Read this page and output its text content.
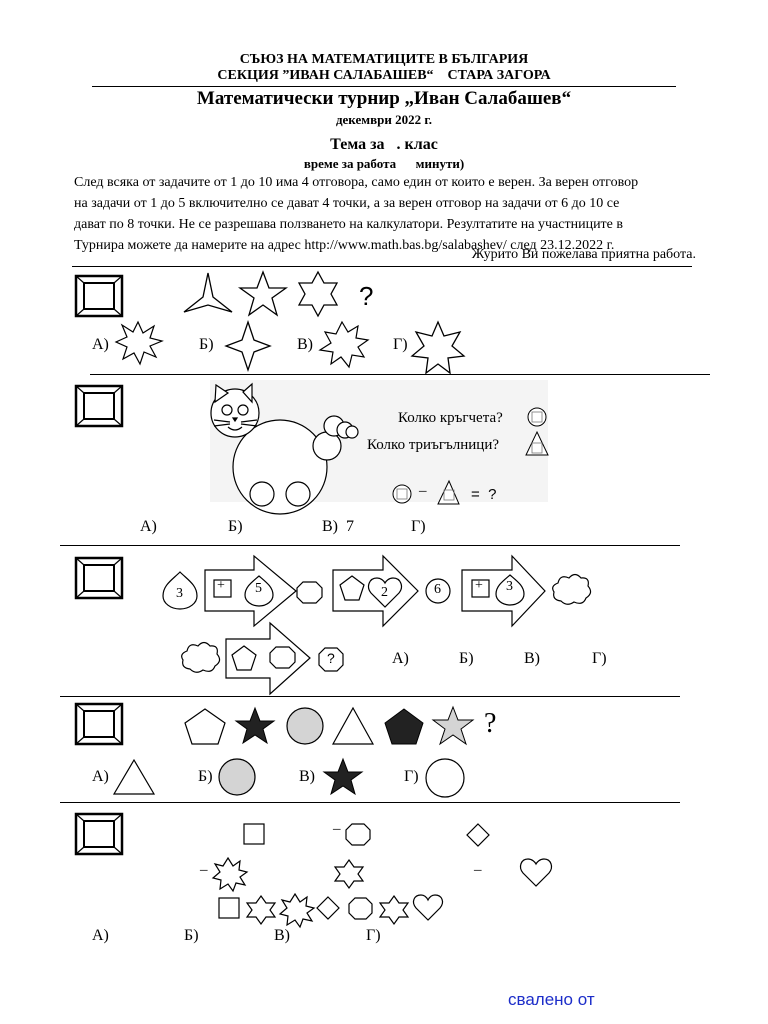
СЪЮЗ НА МАТЕМАТИЦИТЕ В БЪЛГАРИЯ
СЕКЦИЯ ”ИВАН САЛАБАШЕВ“    СТАРА ЗАГОРА
Математически турнир „Иван Салабашев“
декември 2022 г.
Тема за   . клас
време за работа      минути)
След всяка от задачите от 1 до 10 има 4 отговора, само един от които е верен. За верен отговор
на задачи от 1 до 5 включително се дават 4 точки, а за верен отговор на задачи от 6 до 10 се
дават по 8 точки. Не се разрешава ползването на калкулатори. Резултатите на участниците в
Турнира можете да намерите на адрес http://www.math.bas.bg/salabashev/ след 23.12.2022 г.
Журито Ви пожелава приятна работа.
?
А)	Б)	В)	Г)
Колко кръгчета?
Колко триъгълници?
–	=  ?
А)	Б)	В)  7	Г)
3
+ 5	2	6 + 3
?	А)	Б)	В)	Г)
?
А)	Б)	В)	Г)
–
–	–
А)	Б)	В)	Г)
свалено от
